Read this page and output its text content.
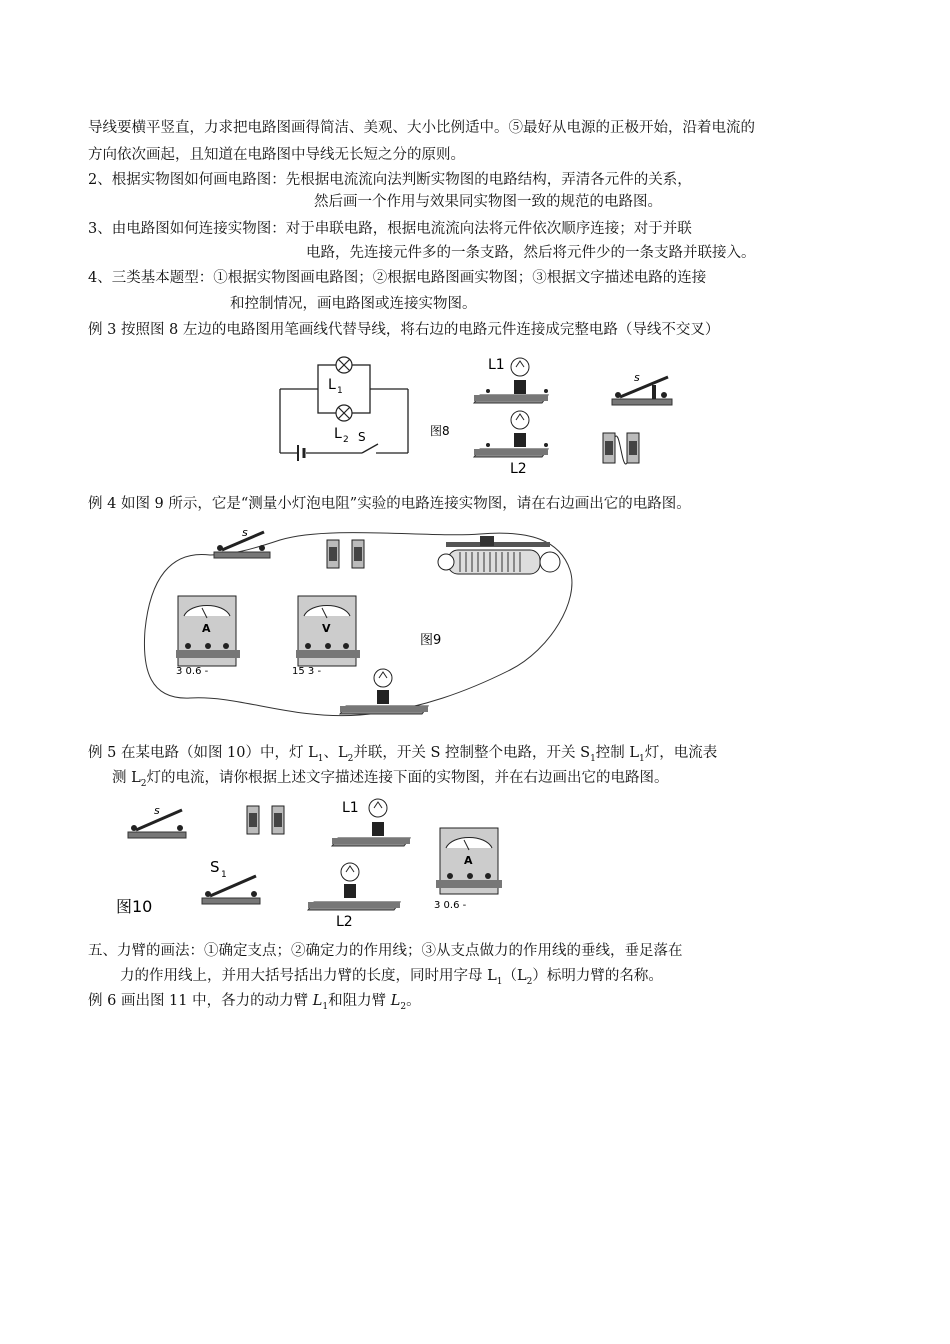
导线要横平竖直，力求把电路图画得简洁、美观、大小比例适中。⑤最好从电源的正极开始，沿着电流的
方向依次画起，且知道在电路图中导线无长短之分的原则。
2、根据实物图如何画电路图：先根据电流流向法判断实物图的电路结构，弄清各元件的关系，
然后画一个作用与效果同实物图一致的规范的电路图。
3、由电路图如何连接实物图：对于串联电路，根据电流流向法将元件依次顺序连接；对于并联
电路，先连接元件多的一条支路，然后将元件少的一条支路并联接入。
4、三类基本题型：①根据实物图画电路图；②根据电路图画实物图；③根据文字描述电路的连接
和控制情况，画电路图或连接实物图。
例 3 按照图 8 左边的电路图用笔画线代替导线，将右边的电路元件连接成完整电路（导线不交叉）
L 1
L 2 S	图8
L1
L2
s
例 4 如图 9 所示，它是“测量小灯泡电阻”实验的电路连接实物图，请在右边画出它的电路图。
s
A
3 0.6 -
V
15 3 -
图9
例 5 在某电路（如图 10）中，灯 $L_1$、$L_2$并联，开关 S 控制整个电路，开关 $S_1$控制 $L_1$灯，电流表
测 $L_2$灯的电流，请你根据上述文字描述连接下面的实物图，并在右边画出它的电路图。
s	L1
L2
S 1
图10
A
3 0.6 -
五、力臂的画法：①确定支点；②确定力的作用线；③从支点做力的作用线的垂线，垂足落在
力的作用线上，并用大括号括出力臂的长度，同时用字母 $L_1(L_2)$标明力臂的名称。
例 6 画出图 11 中，各力的动力臂 $L_1$和阻力臂 $L_2$。
